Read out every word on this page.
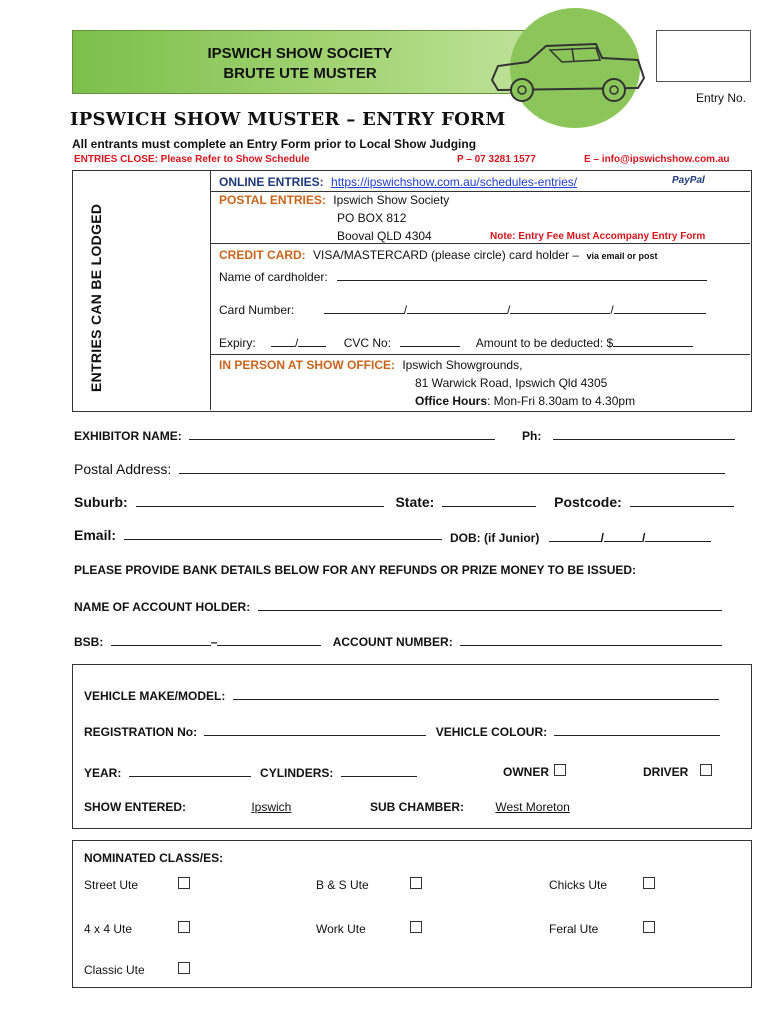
IPSWICH SHOW SOCIETY
BRUTE UTE MUSTER
Entry No.
IPSWICH SHOW MUSTER – ENTRY FORM
All entrants must complete an Entry Form prior to Local Show Judging
ENTRIES CLOSE: Please Refer to Show Schedule	P – 07 3281 1577	E – info@ipswichshow.com.au
ENTRIES CAN BE LODGED
ONLINE ENTRIES: https://ipswichshow.com.au/schedules-entries/	PayPal
POSTAL ENTRIES: Ipswich Show Society
PO BOX 812
Booval QLD 4304	Note: Entry Fee Must Accompany Entry Form
CREDIT CARD: VISA/MASTERCARD (please circle) card holder – via email or post
Name of cardholder:
Card Number:	/	/	/
Expiry:	/	CVC No:	Amount to be deducted: $
IN PERSON AT SHOW OFFICE: Ipswich Showgrounds,
81 Warwick Road, Ipswich Qld 4305
Office Hours: Mon-Fri 8.30am to 4.30pm
EXHIBITOR NAME:	Ph:
Postal Address:
Suburb:	State:	Postcode:
Email:	DOB: (if Junior)	/	/
PLEASE PROVIDE BANK DETAILS BELOW FOR ANY REFUNDS OR PRIZE MONEY TO BE ISSUED:
NAME OF ACCOUNT HOLDER:
BSB:	–	ACCOUNT NUMBER:
VEHICLE MAKE/MODEL:
REGISTRATION No:	VEHICLE COLOUR:
YEAR:	CYLINDERS:	OWNER	DRIVER
SHOW ENTERED:	Ipswich	SUB CHAMBER:	West Moreton
NOMINATED CLASS/ES:
Street Ute	B & S Ute	Chicks Ute
4 x 4 Ute	Work Ute	Feral Ute
Classic Ute
